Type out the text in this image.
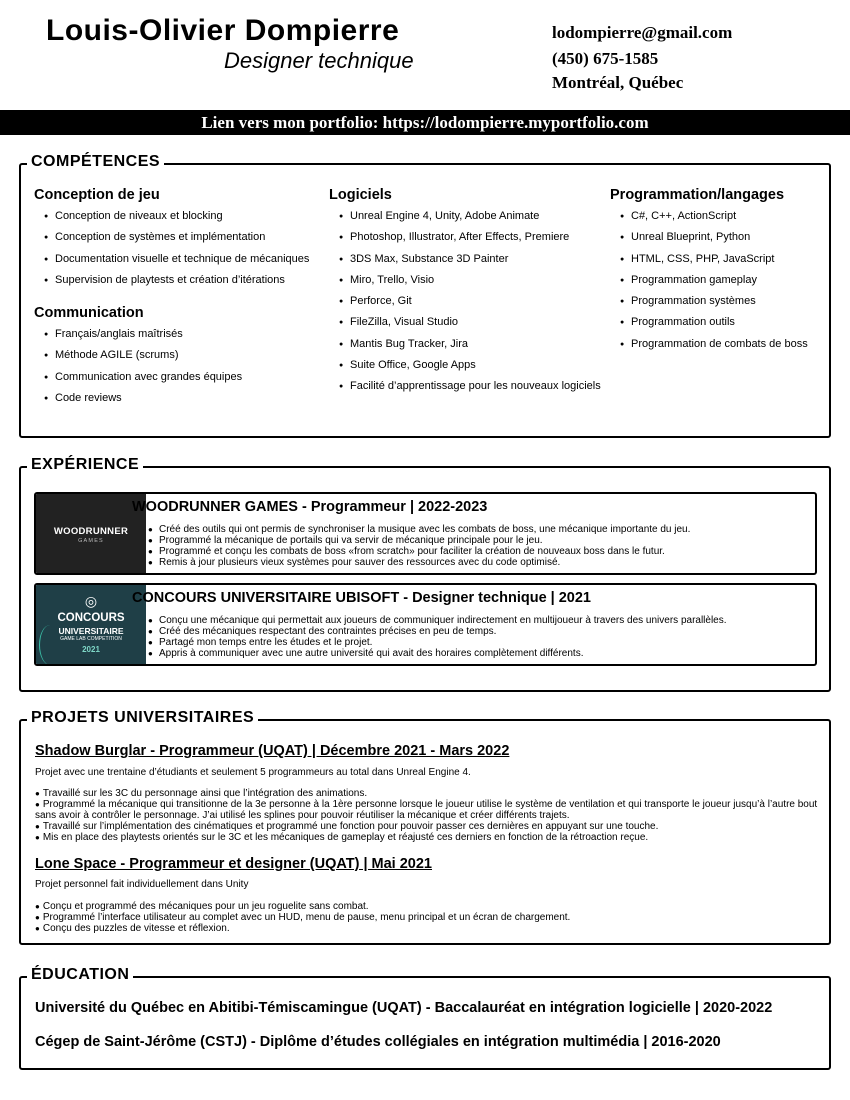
Louis-Olivier Dompierre
Designer technique
lodompierre@gmail.com
(450) 675-1585
Montréal, Québec
Lien vers mon portfolio: https://lodompierre.myportfolio.com
COMPÉTENCES
Conception de jeu
● Conception de niveaux et blocking
● Conception de systèmes et implémentation
● Documentation visuelle et technique de mécaniques
● Supervision de playtests et création d’itérations
Communication
● Français/anglais maîtrisés
● Méthode AGILE (scrums)
● Communication avec grandes équipes
● Code reviews
Logiciels
● Unreal Engine 4, Unity, Adobe Animate
● Photoshop, Illustrator, After Effects, Premiere
● 3DS Max, Substance 3D Painter
● Miro, Trello, Visio
● Perforce, Git
● FileZilla, Visual Studio
● Mantis Bug Tracker, Jira
● Suite Office, Google Apps
● Facilité d’apprentissage pour les nouveaux logiciels
Programmation/langages
● C#, C++, ActionScript
● Unreal Blueprint, Python
● HTML, CSS, PHP, JavaScript
● Programmation gameplay
● Programmation systèmes
● Programmation outils
● Programmation de combats de boss
EXPÉRIENCE
WOODRUNNER
GAMES
WOODRUNNER GAMES - Programmeur | 2022-2023
● Créé des outils qui ont permis de synchroniser la musique avec les combats de boss, une mécanique importante du jeu.
● Programmé la mécanique de portails qui va servir de mécanique principale pour le jeu.
● Programmé et conçu les combats de boss «from scratch» pour faciliter la création de nouveaux boss dans le futur.
● Remis à jour plusieurs vieux systèmes pour sauver des ressources avec du code optimisé.
◎
CONCOURS
UNIVERSITAIRE
GAME LAB COMPETITION
2021
CONCOURS UNIVERSITAIRE UBISOFT - Designer technique | 2021
● Conçu une mécanique qui permettait aux joueurs de communiquer indirectement en multijoueur à travers des univers parallèles.
● Créé des mécaniques respectant des contraintes précises en peu de temps.
● Partagé mon temps entre les études et le projet.
● Appris à communiquer avec une autre université qui avait des horaires complètement différents.
PROJETS UNIVERSITAIRES
Shadow Burglar - Programmeur (UQAT) | Décembre 2021 - Mars 2022
Projet avec une trentaine d’étudiants et seulement 5 programmeurs au total dans Unreal Engine 4.
● Travaillé sur les 3C du personnage ainsi que l’intégration des animations.
● Programmé la mécanique qui transitionne de la 3e personne à la 1ère personne lorsque le joueur utilise le système de ventilation et qui transporte le joueur jusqu’à l’autre bout sans avoir à contrôler le personnage. J’ai utilisé les splines pour pouvoir réutiliser la mécanique et créer différents trajets.
● Travaillé sur l’implémentation des cinématiques et programmé une fonction pour pouvoir passer ces dernières en appuyant sur une touche.
● Mis en place des playtests orientés sur le 3C et les mécaniques de gameplay et réajusté ces derniers en fonction de la rétroaction reçue.
Lone Space - Programmeur et designer (UQAT) | Mai 2021
Projet personnel fait individuellement dans Unity
● Conçu et programmé des mécaniques pour un jeu roguelite sans combat.
● Programmé l’interface utilisateur au complet avec un HUD, menu de pause, menu principal et un écran de chargement.
● Conçu des puzzles de vitesse et réflexion.
ÉDUCATION
Université du Québec en Abitibi-Témiscamingue (UQAT) - Baccalauréat en intégration logicielle | 2020-2022
Cégep de Saint-Jérôme (CSTJ) - Diplôme d’études collégiales en intégration multimédia | 2016-2020
